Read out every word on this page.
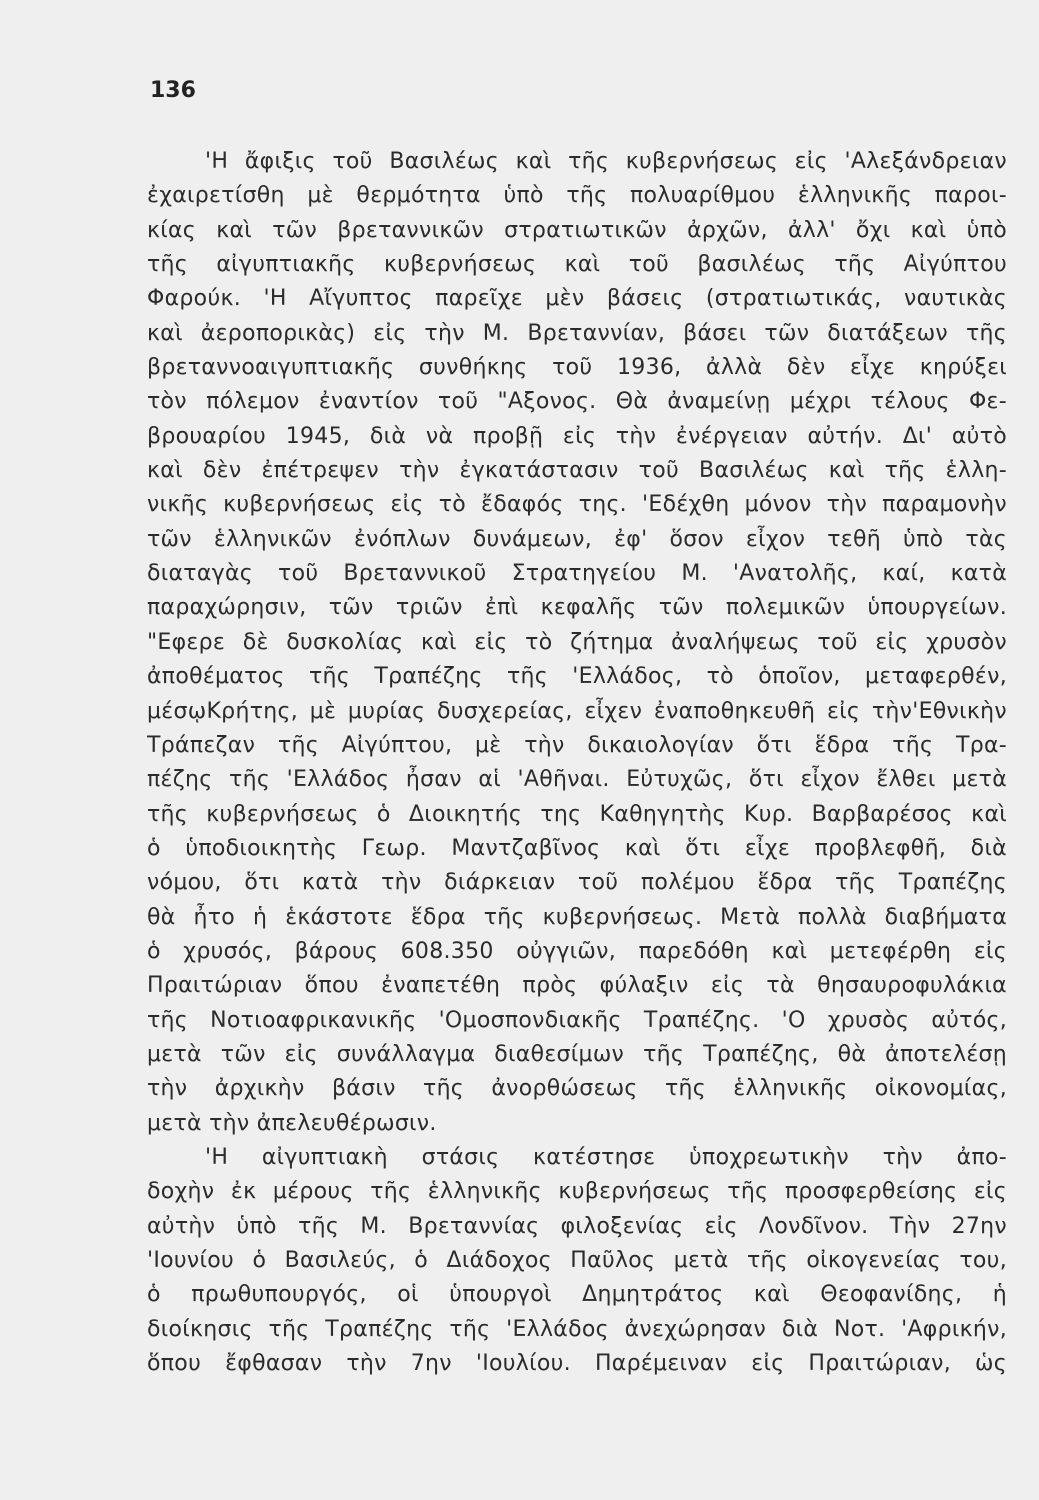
136
'Η ἄφιξις τοῦ Βασιλέως καὶ τῆς κυβερνήσεως εἰς 'Αλεξάνδρειαν
ἐχαιρετίσθη μὲ θερμότητα ὑπὸ τῆς πολυαρίθμου ἑλληνικῆς παροι-
κίας καὶ τῶν βρεταννικῶν στρατιωτικῶν ἀρχῶν, ἀλλ' ὄχι καὶ ὑπὸ
τῆς αἰγυπτιακῆς κυβερνήσεως καὶ τοῦ βασιλέως τῆς Αἰγύπτου
Φαρούκ. 'Η Αἴγυπτος παρεῖχε μὲν βάσεις (στρατιωτικάς, ναυτικὰς
καὶ ἀεροπορικὰς) εἰς τὴν Μ. Βρεταννίαν, βάσει τῶν διατάξεων τῆς
βρεταννοαιγυπτιακῆς συνθήκης τοῦ 1936, ἀλλὰ δὲν εἶχε κηρύξει
τὸν πόλεμον ἐναντίον τοῦ "Αξονος. Θὰ ἀναμείνῃ μέχρι τέλους Φε-
βρουαρίου 1945, διὰ νὰ προβῇ εἰς τὴν ἐνέργειαν αὐτήν. Δι' αὐτὸ
καὶ δὲν ἐπέτρεψεν τὴν ἐγκατάστασιν τοῦ Βασιλέως καὶ τῆς ἑλλη-
νικῆς κυβερνήσεως εἰς τὸ ἔδαφός της. 'Εδέχθη μόνον τὴν παραμονὴν
τῶν ἑλληνικῶν ἐνόπλων δυνάμεων, ἐφ' ὅσον εἶχον τεθῆ ὑπὸ τὰς
διαταγὰς τοῦ Βρεταννικοῦ Στρατηγείου Μ. 'Ανατολῆς, καί, κατὰ
παραχώρησιν, τῶν τριῶν ἐπὶ κεφαλῆς τῶν πολεμικῶν ὑπουργείων.
"Εφερε δὲ δυσκολίας καὶ εἰς τὸ ζήτημα ἀναλήψεως τοῦ εἰς χρυσὸν
ἀποθέματος τῆς Τραπέζης τῆς 'Ελλάδος, τὸ ὁποῖον, μεταφερθέν,
μέσῳΚρήτης, μὲ μυρίας δυσχερείας, εἶχεν ἐναποθηκευθῆ εἰς τὴν'Εθνικὴν
Τράπεζαν τῆς Αἰγύπτου, μὲ τὴν δικαιολογίαν ὅτι ἕδρα τῆς Τρα-
πέζης τῆς 'Ελλάδος ἦσαν αἱ 'Αθῆναι. Εὐτυχῶς, ὅτι εἶχον ἔλθει μετὰ
τῆς κυβερνήσεως ὁ Διοικητής της Καθηγητὴς Κυρ. Βαρβαρέσος καὶ
ὁ ὑποδιοικητὴς Γεωρ. Μαντζαβῖνος καὶ ὅτι εἶχε προβλεφθῆ, διὰ
νόμου, ὅτι κατὰ τὴν διάρκειαν τοῦ πολέμου ἕδρα τῆς Τραπέζης
θὰ ἦτο ἡ ἑκάστοτε ἕδρα τῆς κυβερνήσεως. Μετὰ πολλὰ διαβήματα
ὁ χρυσός, βάρους 608.350 οὐγγιῶν, παρεδόθη καὶ μετεφέρθη εἰς
Πραιτώριαν ὅπου ἐναπετέθη πρὸς φύλαξιν εἰς τὰ θησαυροφυλάκια
τῆς Νοτιοαφρικανικῆς 'Ομοσπονδιακῆς Τραπέζης. 'Ο χρυσὸς αὐτός,
μετὰ τῶν εἰς συνάλλαγμα διαθεσίμων τῆς Τραπέζης, θὰ ἀποτελέσῃ
τὴν ἀρχικὴν βάσιν τῆς ἀνορθώσεως τῆς ἑλληνικῆς οἰκονομίας,
μετὰ τὴν ἀπελευθέρωσιν.
'Η αἰγυπτιακὴ στάσις κατέστησε ὑποχρεωτικὴν τὴν ἀπο-
δοχὴν ἐκ μέρους τῆς ἑλληνικῆς κυβερνήσεως τῆς προσφερθείσης εἰς
αὐτὴν ὑπὸ τῆς Μ. Βρεταννίας φιλοξενίας εἰς Λονδῖνον. Τὴν 27ην
'Ιουνίου ὁ Βασιλεύς, ὁ Διάδοχος Παῦλος μετὰ τῆς οἰκογενείας του,
ὁ πρωθυπουργός, οἱ ὑπουργοὶ Δημητράτος καὶ Θεοφανίδης, ἡ
διοίκησις τῆς Τραπέζης τῆς 'Ελλάδος ἀνεχώρησαν διὰ Νοτ. 'Αφρικήν,
ὅπου ἔφθασαν τὴν 7ην 'Ιουλίου. Παρέμειναν εἰς Πραιτώριαν, ὡς
